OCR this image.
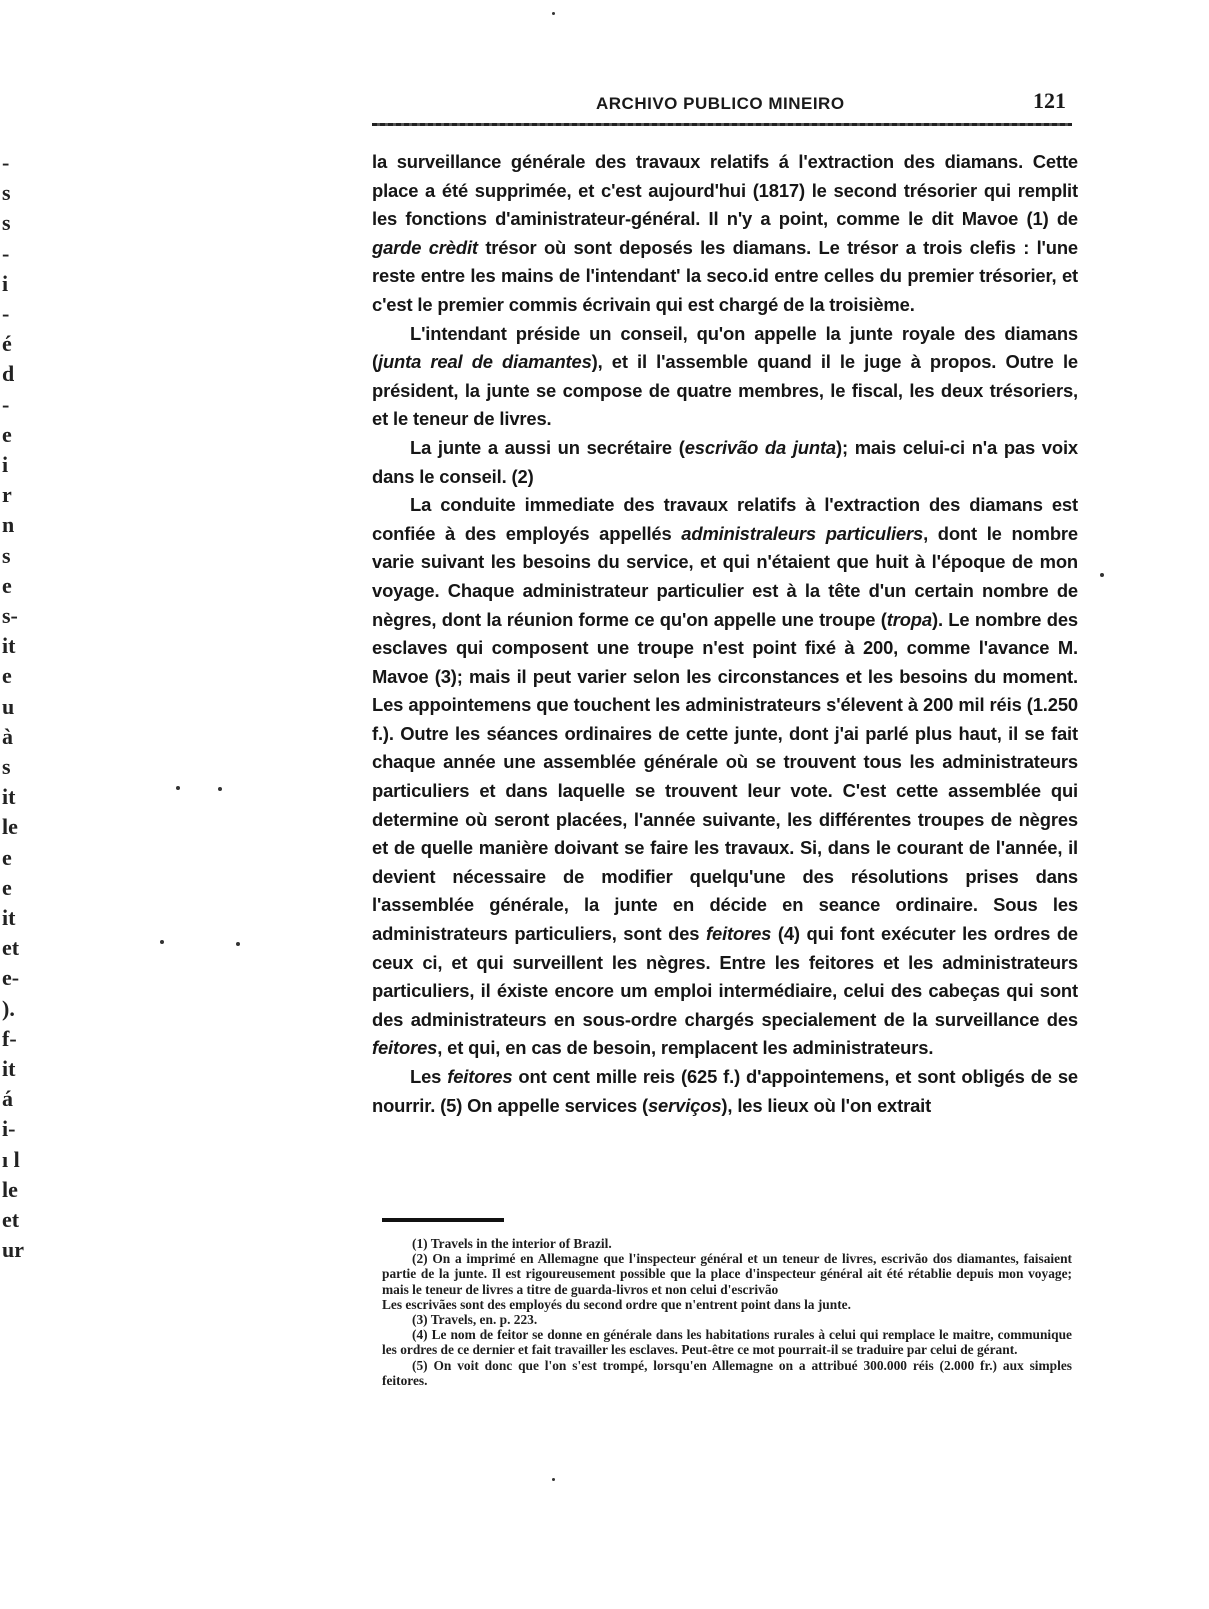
-
s
s
-
i
-
é
d
-
e
i
r
n
s
e
s-
it
e
u
à
s
it
le
e
e
it
et
e-
).
f-
it
á
i-
ı l
le
et
ur
ARCHIVO PUBLICO MINEIRO	121

la surveillance générale des travaux relatifs á l'extraction des diamans. Cette place a été supprimée, et c'est aujourd'hui (1817) le second trésorier qui remplit les fonctions d'aministrateur-général. Il n'y a point, comme le dit Mavoe (1) de garde crèdit trésor où sont deposés les diamans. Le trésor a trois clefis : l'une reste entre les mains de l'intendant' la seco.id entre celles du premier trésorier, et c'est le premier commis écrivain qui est chargé de la troisième.

L'intendant préside un conseil, qu'on appelle la junte royale des diamans (junta real de diamantes), et il l'assemble quand il le juge à propos. Outre le président, la junte se compose de quatre membres, le fiscal, les deux trésoriers, et le teneur de livres.

La junte a aussi un secrétaire (escrivão da junta); mais celui-ci n'a pas voix dans le conseil. (2)

La conduite immediate des travaux relatifs à l'extraction des diamans est confiée à des employés appellés administraleurs particuliers, dont le nombre varie suivant les besoins du service, et qui n'étaient que huit à l'époque de mon voyage. Chaque administrateur particulier est à la tête d'un certain nombre de nègres, dont la réunion forme ce qu'on appelle une troupe (tropa). Le nombre des esclaves qui composent une troupe n'est point fixé à 200, comme l'avance M. Mavoe (3); mais il peut varier selon les circonstances et les besoins du moment. Les appointemens que touchent les administrateurs s'élevent à 200 mil réis (1.250 f.). Outre les séances ordinaires de cette junte, dont j'ai parlé plus haut, il se fait chaque année une assemblée générale où se trouvent tous les administrateurs particuliers et dans laquelle se trouvent leur vote. C'est cette assemblée qui determine où seront placées, l'année suivante, les différentes troupes de nègres et de quelle manière doivant se faire les travaux. Si, dans le courant de l'année, il devient nécessaire de modifier quelqu'une des résolutions prises dans l'assemblée générale, la junte en décide en seance ordinaire. Sous les administrateurs particuliers, sont des feitores (4) qui font exécuter les ordres de ceux ci, et qui surveillent les nègres. Entre les feitores et les administrateurs particuliers, il éxiste encore um emploi intermédiaire, celui des cabeças qui sont des administrateurs en sous-ordre chargés specialement de la surveillance des feitores, et qui, en cas de besoin, remplacent les administrateurs.

Les feitores ont cent mille reis (625 f.) d'appointemens, et sont obligés de se nourrir. (5) On appelle services (serviços), les lieux où l'on extrait

(1) Travels in the interior of Brazil.

(2) On a imprimé en Allemagne que l'inspecteur général et un teneur de livres, escrivão dos diamantes, faisaient partie de la junte. Il est rigoureusement possible que la place d'inspecteur général ait été rétablie depuis mon voyage; mais le teneur de livres a titre de guarda-livros et non celui d'escrivão

Les escrivães sont des employés du second ordre que n'entrent point dans la junte.

(3) Travels, en. p. 223.

(4) Le nom de feitor se donne en générale dans les habitations rurales à celui qui remplace le maitre, communique les ordres de ce dernier et fait travailler les esclaves. Peut-être ce mot pourrait-il se traduire par celui de gérant.

(5) On voit donc que l'on s'est trompé, lorsqu'en Allemagne on a attribué 300.000 réis (2.000 fr.) aux simples feitores.
